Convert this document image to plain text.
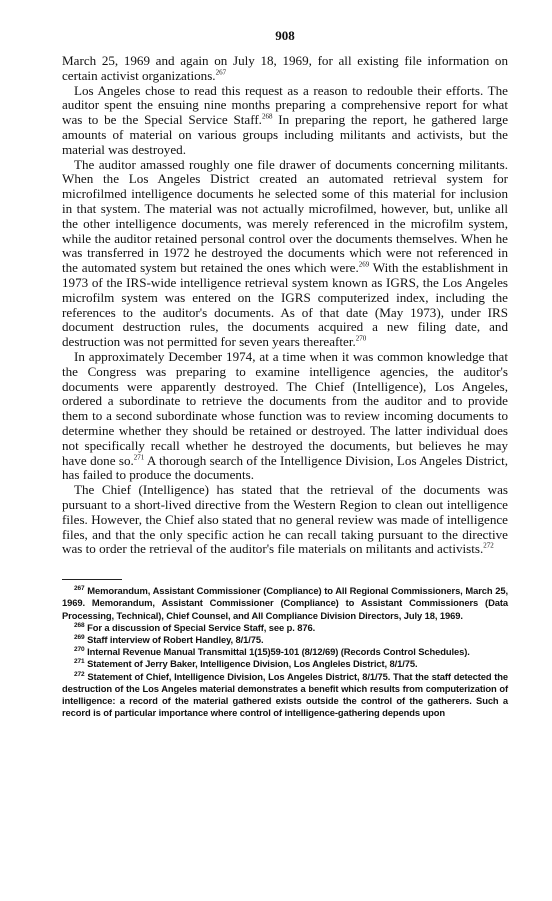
908

March 25, 1969 and again on July 18, 1969, for all existing file information on certain activist organizations.$^{267}$

Los Angeles chose to read this request as a reason to redouble their efforts. The auditor spent the ensuing nine months preparing a comprehensive report for what was to be the Special Service Staff.$^{268}$ In preparing the report, he gathered large amounts of material on various groups including militants and activists, but the material was destroyed.

The auditor amassed roughly one file drawer of documents concerning militants. When the Los Angeles District created an automated retrieval system for microfilmed intelligence documents he selected some of this material for inclusion in that system. The material was not actually microfilmed, however, but, unlike all the other intelligence documents, was merely referenced in the microfilm system, while the auditor retained personal control over the documents themselves. When he was transferred in 1972 he destroyed the documents which were not referenced in the automated system but retained the ones which were.$^{269}$ With the establishment in 1973 of the IRS-wide intelligence retrieval system known as IGRS, the Los Angeles microfilm system was entered on the IGRS computerized index, including the references to the auditor's documents. As of that date (May 1973), under IRS document destruction rules, the documents acquired a new filing date, and destruction was not permitted for seven years thereafter.$^{270}$

In approximately December 1974, at a time when it was common knowledge that the Congress was preparing to examine intelligence agencies, the auditor's documents were apparently destroyed. The Chief (Intelligence), Los Angeles, ordered a subordinate to retrieve the documents from the auditor and to provide them to a second subordinate whose function was to review incoming documents to determine whether they should be retained or destroyed. The latter individual does not specifically recall whether he destroyed the documents, but believes he may have done so.$^{271}$ A thorough search of the Intelligence Division, Los Angeles District, has failed to produce the documents.

The Chief (Intelligence) has stated that the retrieval of the documents was pursuant to a short-lived directive from the Western Region to clean out intelligence files. However, the Chief also stated that no general review was made of intelligence files, and that the only specific action he can recall taking pursuant to the directive was to order the retrieval of the auditor's file materials on militants and activists.$^{272}$

$^{267}$ Memorandum, Assistant Commissioner (Compliance) to All Regional Commissioners, March 25, 1969. Memorandum, Assistant Commissioner (Compliance) to Assistant Commissioners (Data Processing, Technical), Chief Counsel, and All Compliance Division Directors, July 18, 1969.

$^{268}$ For a discussion of Special Service Staff, see p. 876.

$^{269}$ Staff interview of Robert Handley, 8/1/75.

$^{270}$ Internal Revenue Manual Transmittal 1(15)59-101 (8/12/69) (Records Control Schedules).

$^{271}$ Statement of Jerry Baker, Intelligence Division, Los Angleles District, 8/1/75.

$^{272}$ Statement of Chief, Intelligence Division, Los Angeles District, 8/1/75. That the staff detected the destruction of the Los Angeles material demonstrates a benefit which results from computerization of intelligence: a record of the material gathered exists outside the control of the gatherers. Such a record is of particular importance where control of intelligence-gathering depends upon
